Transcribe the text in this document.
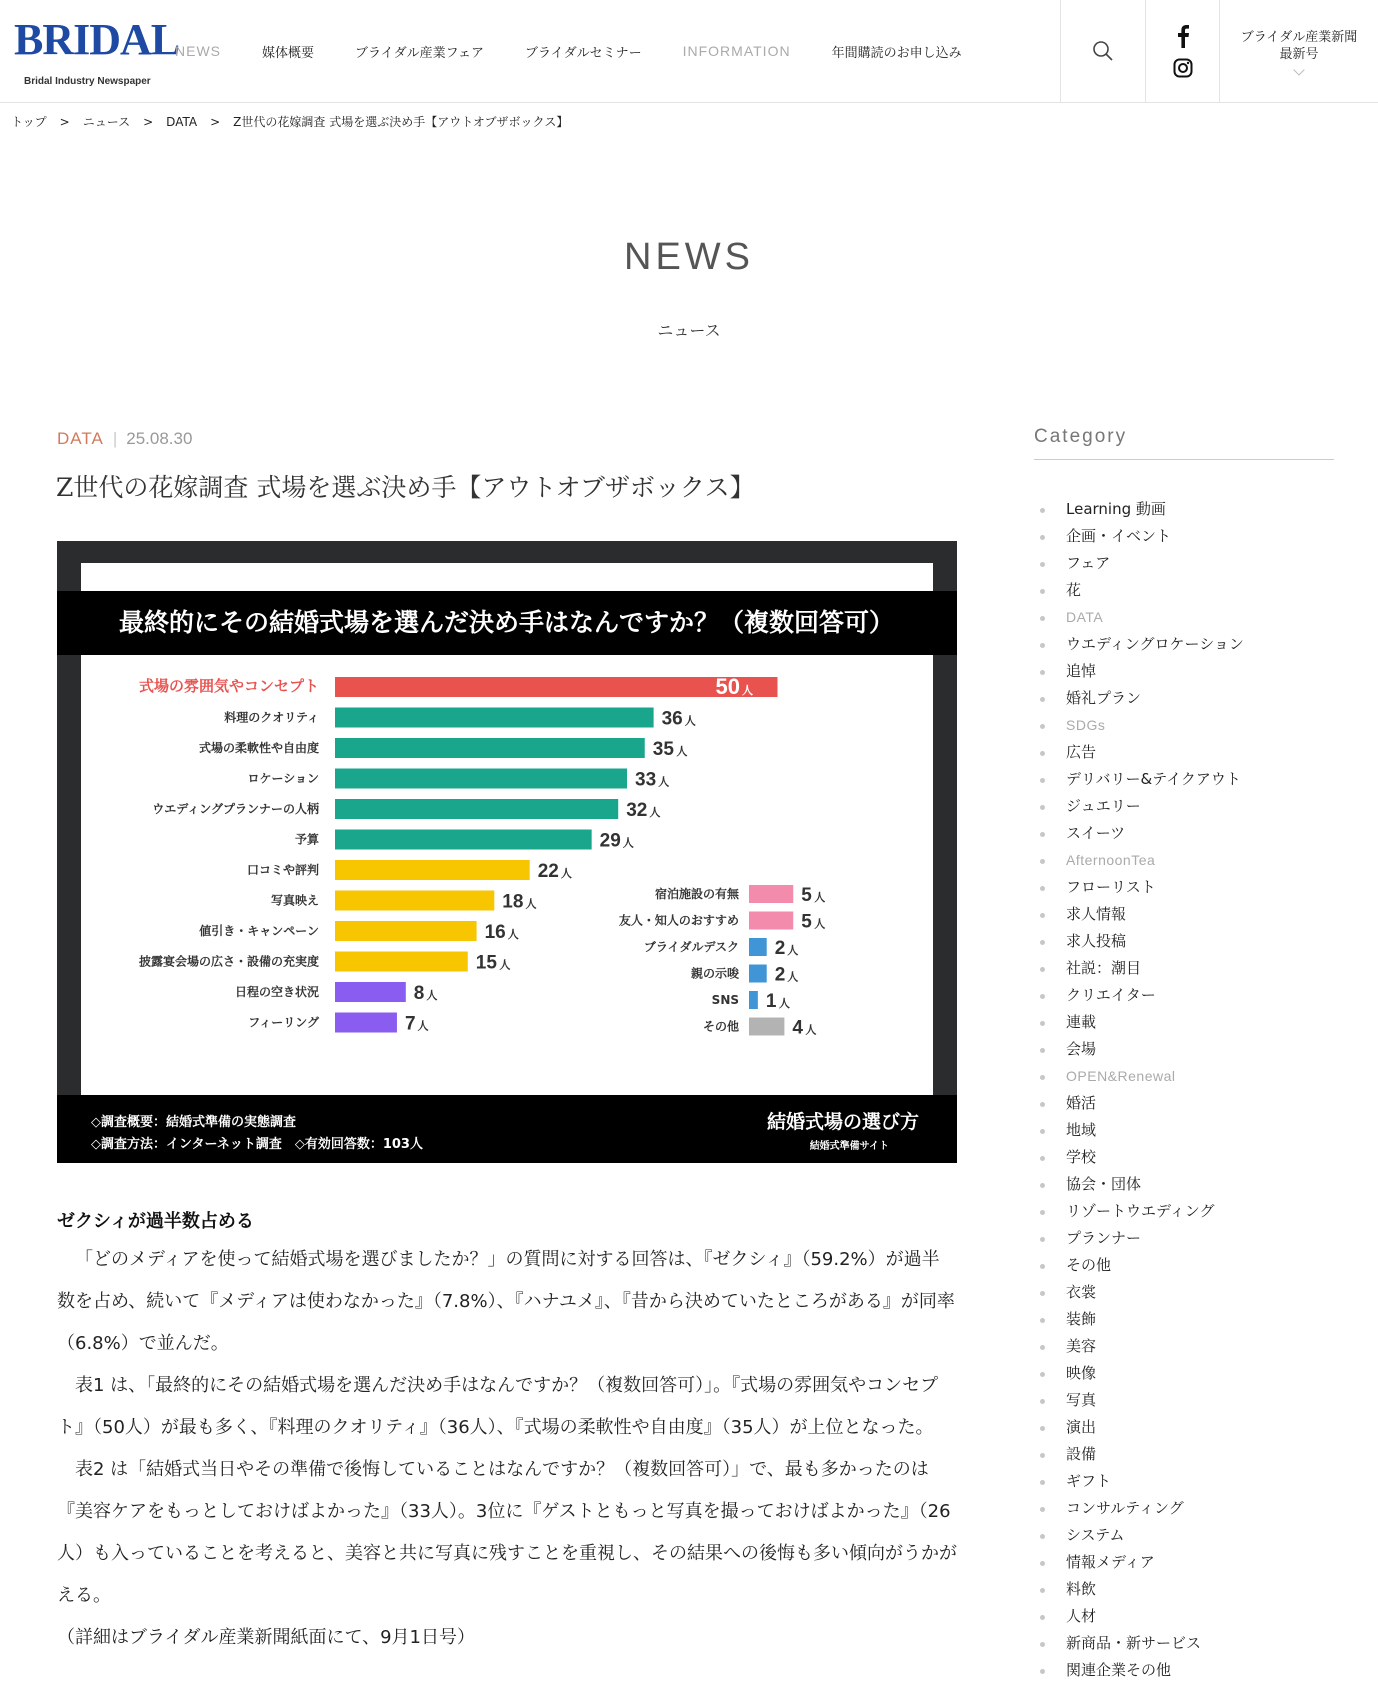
BRIDAL
Bridal Industry Newspaper
NEWS	媒体概要	ブライダル産業フェア	ブライダルセミナー	INFORMATION	年間購読のお申し込み
ブライダル産業新聞
最新号
トップ > ニュース > DATA > Z世代の花嫁調査 式場を選ぶ決め手【アウトオブザボックス】
NEWS
ニュース
DATA | 25.08.30
Z世代の花嫁調査 式場を選ぶ決め手【アウトオブザボックス】
最終的にその結婚式場を選んだ決め手はなんですか？（複数回答可）
式場の雰囲気やコンセプト	50 人
料理のクオリティ	36 人
式場の柔軟性や自由度	35 人
ロケーション	33 人
ウエディングプランナーの人柄	32 人
予算	29 人
口コミや評判	22 人
写真映え	18 人
値引き・キャンペーン	16 人
披露宴会場の広さ・設備の充実度	15 人
日程の空き状況	8 人
フィーリング	7 人
宿泊施設の有無	5 人
友人・知人のおすすめ	5 人
ブライダルデスク 2 人
親の示唆 2 人
SNS 1 人
その他	4 人
◇調査概要：結婚式準備の実態調査
◇調査方法：インターネット調査　◇有効回答数：103人
結婚式場の選び方
結婚式準備サイト
ゼクシィが過半数占める

「どのメディアを使って結婚式場を選びましたか？」の質問に対する回答は、『ゼクシィ』（59.2%）が過半数を占め、続いて『メディアは使わなかった』（7.8%）、『ハナユメ』、『昔から決めていたところがある』が同率（6.8%）で並んだ。

表1 は、「最終的にその結婚式場を選んだ決め手はなんですか？（複数回答可）」。『式場の雰囲気やコンセプト』（50人）が最も多く、『料理のクオリティ』（36人）、『式場の柔軟性や自由度』（35人）が上位となった。

表2 は「結婚式当日やその準備で後悔していることはなんですか？（複数回答可）」で、最も多かったのは『美容ケアをもっとしておけばよかった』（33人）。3位に『ゲストともっと写真を撮っておけばよかった』（26人）も入っていることを考えると、美容と共に写真に残すことを重視し、その結果への後悔も多い傾向がうかがえる。

（詳細はブライダル産業新聞紙面にて、9月1日号）

Category
Learning 動画
企画・イベント
フェア
花
DATA
ウエディングロケーション
追悼
婚礼プラン
SDGs
広告
デリバリー&テイクアウト
ジュエリー
スイーツ
AfternoonTea
フローリスト
求人情報
求人投稿
社説：潮目
クリエイター
連載
会場
OPEN&Renewal
婚活
地域
学校
協会・団体
リゾートウエディング
プランナー
その他
衣裳
装飾
美容
映像
写真
演出
設備
ギフト
コンサルティング
システム
情報メディア
料飲
人材
新商品・新サービス
関連企業その他
